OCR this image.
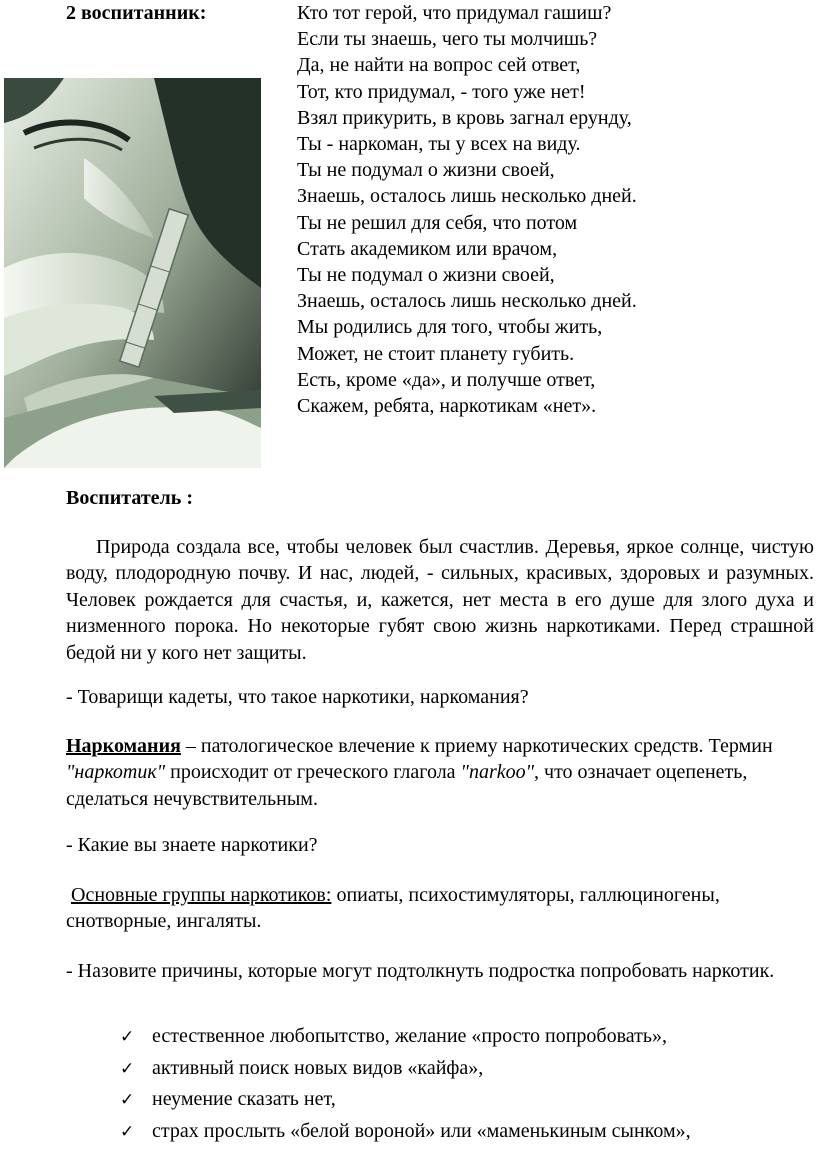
2 воспитанник:	Кто тот герой, что придумал гашиш?
Если ты знаешь, чего ты молчишь?
Да, не найти на вопрос сей ответ,
Тот, кто придумал, - того уже нет!
Взял прикурить, в кровь загнал ерунду,
Ты - наркоман, ты у всех на виду.
Ты не подумал о жизни своей,
Знаешь, осталось лишь несколько дней.
Ты не решил для себя, что потом
Стать академиком или врачом,
Ты не подумал о жизни своей,
Знаешь, осталось лишь несколько дней.
Мы родились для того, чтобы жить,
Может, не стоит планету губить.
Есть, кроме «да», и получше ответ,
Скажем, ребята, наркотикам «нет».
Воспитатель :
Природа создала все, чтобы человек был счастлив. Деревья, яркое солнце, чистую воду, плодородную почву. И нас, людей, - сильных, красивых, здоровых и разумных. Человек рождается для счастья, и, кажется, нет места в его душе для злого духа и низменного порока. Но некоторые губят свою жизнь наркотиками. Перед страшной бедой ни у кого нет защиты.
- Товарищи кадеты, что такое наркотики, наркомания?
Наркомания – патологическое влечение к приему наркотических средств. Термин "наркотик" происходит от греческого глагола "narkoo", что означает оцепенеть, сделаться нечувствительным.
- Какие вы знаете наркотики?
Основные группы наркотиков: опиаты, психостимуляторы, галлюциногены, снотворные, ингаляты.
- Назовите причины, которые могут подтолкнуть подростка попробовать наркотик.
✓ естественное любопытство, желание «просто попробовать»,
✓ активный поиск новых видов «кайфа»,
✓ неумение сказать нет,
✓ страх прослыть «белой вороной» или «маменькиным сынком»,
